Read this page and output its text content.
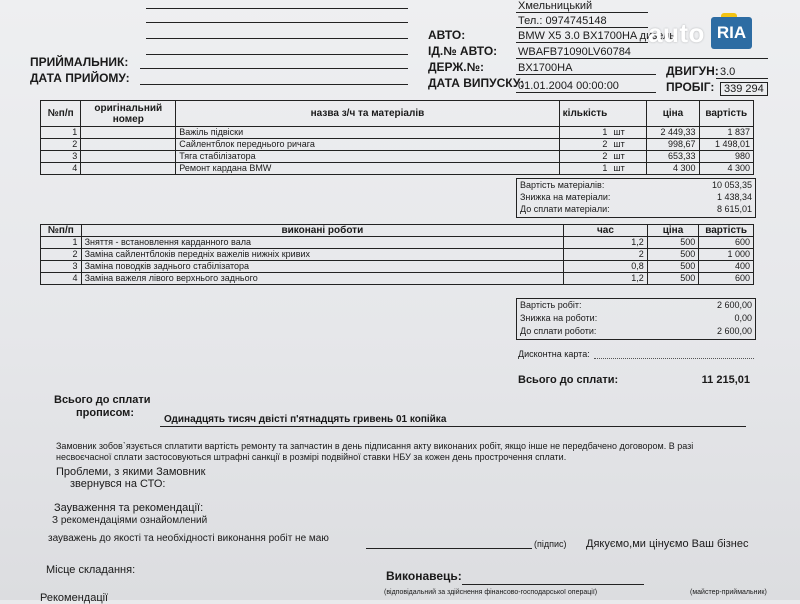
ПРИЙМАЛЬНИК:
ДАТА ПРИЙОМУ:
Хмельницький
Тел.: 0974745148
АВТО:	BMW X5 3.0 BX1700HA дизель
ІД.№ АВТО: WBAFB71090LV60784
ДЕРЖ.№:	BX1700HA	ДВИГУН: 3.0
ДАТА ВИПУСКУ:
01.01.2004 00:00:00	ПРОБІГ: 339 294
auto RIA
№п/п	оригінальний номер	назва з/ч та матеріалів	кількість		ціна	вартість
1		Важіль підвіски	1	шт	2 449,33	1 837
2		Сайлентблок переднього ричага	2	шт	998,67	1 498,01
3		Тяга стабілізатора	2	шт	653,33	980
4		Ремонт кардана BMW	1	шт	4 300	4 300
Вартість матеріалів:	10 053,35
Знижка на матеріали:	1 438,34
До сплати матеріали:	8 615,01
№п/п	виконані роботи	час	ціна	вартість
1	Зняття - встановлення карданного вала	1,2	500	600
2	Заміна сайлентблоків передніх важелів нижніх кривих	2	500	1 000
3	Заміна поводків заднього стабілізатора	0,8	500	400
4	Заміна важеля лівого верхнього заднього	1,2	500	600
Вартість робіт:	2 600,00
Знижка на роботи:	0,00
До сплати роботи:	2 600,00
Дисконтна карта:
Всього до сплати:	11 215,01
Всього до сплати
прописом:
Одинадцять тисяч двісті п'ятнадцять гривень 01 копійка
Замовник зобов`язується сплатити вартість ремонту та запчастин в день підписання акту виконаних робіт, якщо інше не передбачено договором. В разі
несвоєчасної сплати застосовуються штрафні санкції в розмірі подвійної ставки НБУ за кожен день прострочення сплати.
Проблеми, з якими Замовник
звернувся на СТО:
Зауваження та рекомендації:
З рекомендаціями ознайомлений
зауважень до якості та необхідності виконання робіт не маю	(підпис) Дякуємо,ми цінуємо Ваш бізнес
Місце складання:	Виконавець:
(відповідальний за здійснення фінансово-господарської операції)	(майстер-приймальник)
Рекомендації
